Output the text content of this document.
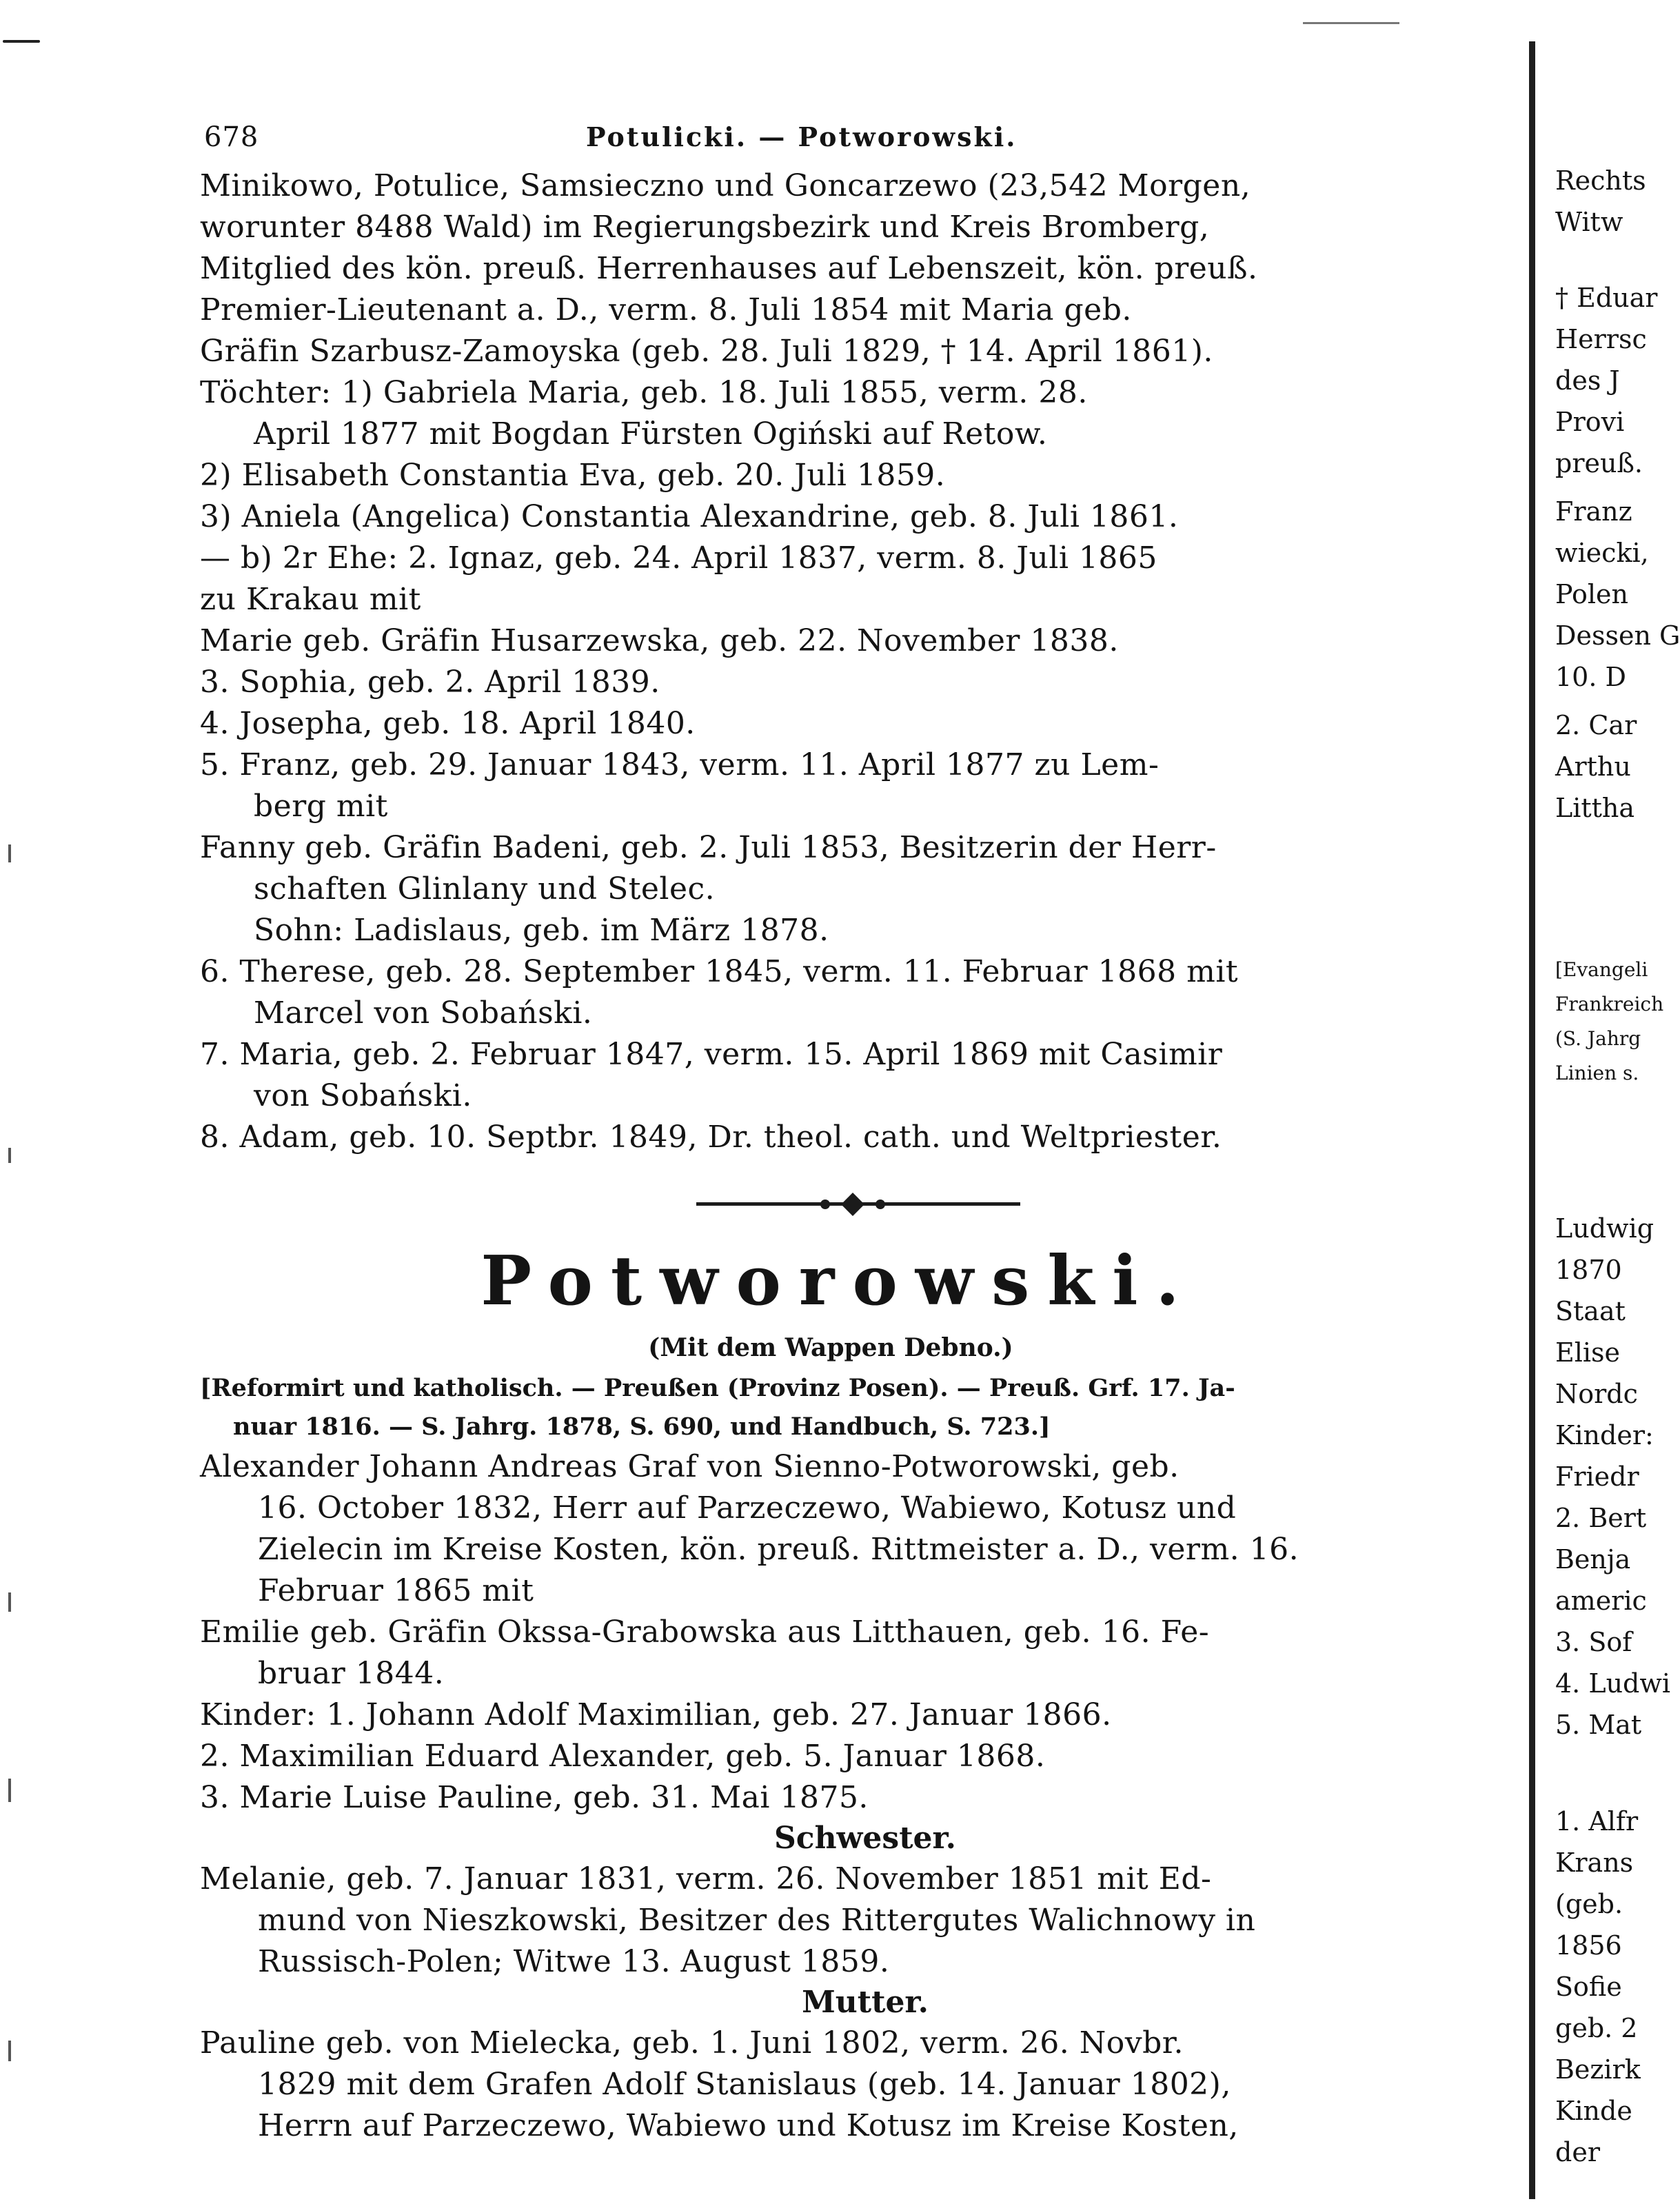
678	Potulicki. — Potworowski.
Minikowo, Potulice, Samsieczno und Goncarzewo (23,542 Morgen,
worunter 8488 Wald) im Regierungsbezirk und Kreis Bromberg,
Mitglied des kön. preuß. Herrenhauses auf Lebenszeit, kön. preuß.
Premier-Lieutenant a. D., verm. 8. Juli 1854 mit Maria geb.
Gräfin Szarbusz-Zamoyska (geb. 28. Juli 1829, † 14. April 1861).
Töchter: 1) Gabriela Maria, geb. 18. Juli 1855, verm. 28.
April 1877 mit Bogdan Fürsten Ogiński auf Retow.
2) Elisabeth Constantia Eva, geb. 20. Juli 1859.
3) Aniela (Angelica) Constantia Alexandrine, geb. 8. Juli 1861.
— b) 2r Ehe: 2. Ignaz, geb. 24. April 1837, verm. 8. Juli 1865
zu Krakau mit
Marie geb. Gräfin Husarzewska, geb. 22. November 1838.
3. Sophia, geb. 2. April 1839.
4. Josepha, geb. 18. April 1840.
5. Franz, geb. 29. Januar 1843, verm. 11. April 1877 zu Lem-
berg mit
Fanny geb. Gräfin Badeni, geb. 2. Juli 1853, Besitzerin der Herr-
schaften Glinlany und Stelec.
Sohn: Ladislaus, geb. im März 1878.
6. Therese, geb. 28. September 1845, verm. 11. Februar 1868 mit
Marcel von Sobański.
7. Maria, geb. 2. Februar 1847, verm. 15. April 1869 mit Casimir
von Sobański.
8. Adam, geb. 10. Septbr. 1849, Dr. theol. cath. und Weltpriester.
Potworowski.
(Mit dem Wappen Debno.)
[Reformirt und katholisch. — Preußen (Provinz Posen). — Preuß. Grf. 17. Ja-
nuar 1816. — S. Jahrg. 1878, S. 690, und Handbuch, S. 723.]
Alexander Johann Andreas Graf von Sienno-Potworowski, geb.
16. October 1832, Herr auf Parzeczewo, Wabiewo, Kotusz und
Zielecin im Kreise Kosten, kön. preuß. Rittmeister a. D., verm. 16.
Februar 1865 mit
Emilie geb. Gräfin Okssa-Grabowska aus Litthauen, geb. 16. Fe-
bruar 1844.
Kinder: 1. Johann Adolf Maximilian, geb. 27. Januar 1866.
2. Maximilian Eduard Alexander, geb. 5. Januar 1868.
3. Marie Luise Pauline, geb. 31. Mai 1875.
Schwester.
Melanie, geb. 7. Januar 1831, verm. 26. November 1851 mit Ed-
mund von Nieszkowski, Besitzer des Rittergutes Walichnowy in
Russisch-Polen; Witwe 13. August 1859.
Mutter.
Pauline geb. von Mielecka, geb. 1. Juni 1802, verm. 26. Novbr.
1829 mit dem Grafen Adolf Stanislaus (geb. 14. Januar 1802),
Herrn auf Parzeczewo, Wabiewo und Kotusz im Kreise Kosten,
Rechts
Witw
† Eduar
Herrsc
des J
Provi
preuß.
Franz
wiecki,
Polen
Dessen G
10. D
2. Car
Arthu
Littha
[Evangeli
Frankreich
(S. Jahrg
Linien s.
Ludwig
1870
Staat
Elise
Nordc
Kinder:
Friedr
2. Bert
Benja
americ
3. Sof
4. Ludwi
5. Mat
1. Alfr
Krans
(geb.
1856
Sofie
geb. 2
Bezirk
Kinde
der
